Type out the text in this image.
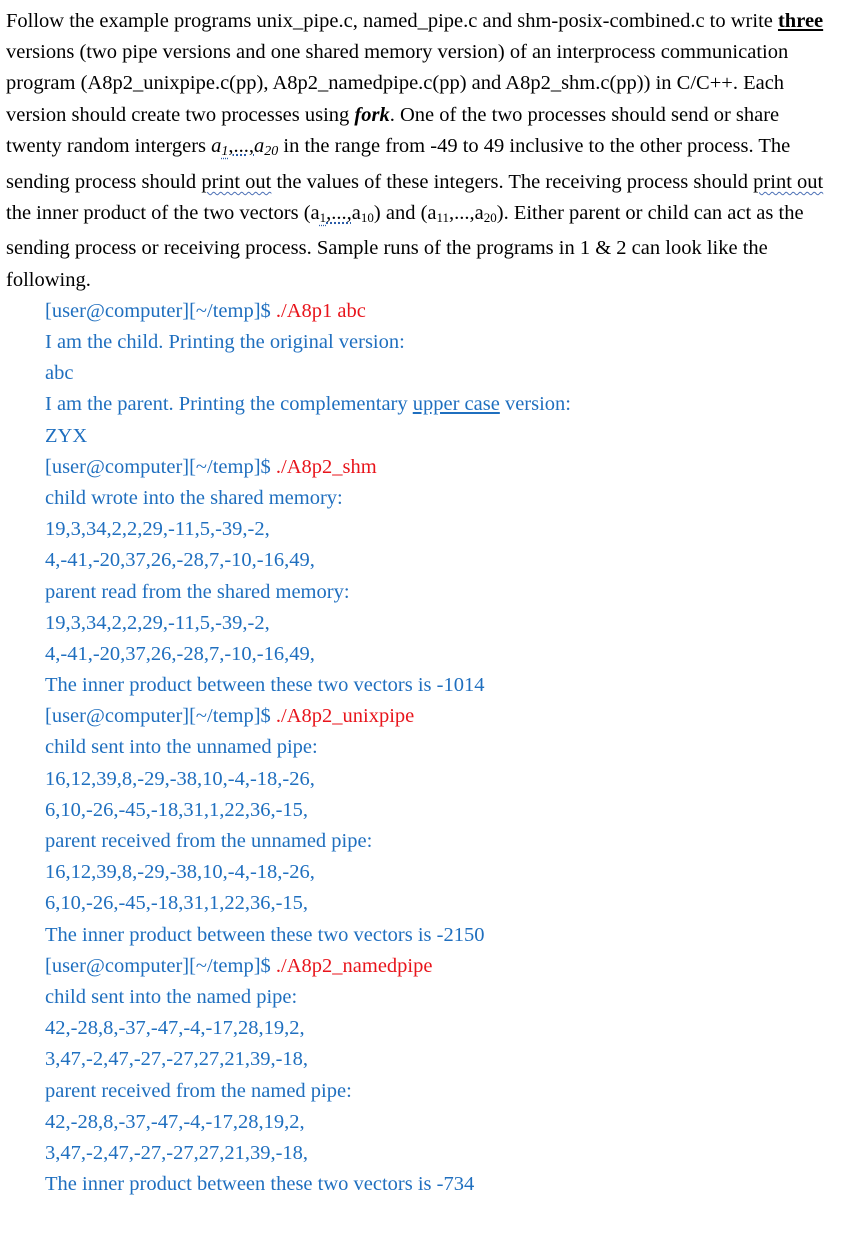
Follow the example programs unix_pipe.c, named_pipe.c and shm-posix-combined.c to write three versions (two pipe versions and one shared memory version) of an interprocess communication program (A8p2_unixpipe.c(pp), A8p2_namedpipe.c(pp) and A8p2_shm.c(pp)) in C/C++. Each version should create two processes using fork. One of the two processes should send or share twenty random intergers a1,...,a20 in the range from -49 to 49 inclusive to the other process. The sending process should print out the values of these integers. The receiving process should print out the inner product of the two vectors $(a_1,...,a_{10})$ and $(a_{11},...,a_{20})$. Either parent or child can act as the sending process or receiving process. Sample runs of the programs in 1 & 2 can look like the following.

[user@computer][~/temp]$ ./A8p1 abc
I am the child. Printing the original version:
abc
I am the parent. Printing the complementary upper case version:
ZYX
[user@computer][~/temp]$ ./A8p2_shm
child wrote into the shared memory:
19,3,34,2,2,29,-11,5,-39,-2,
4,-41,-20,37,26,-28,7,-10,-16,49,
parent read from the shared memory:
19,3,34,2,2,29,-11,5,-39,-2,
4,-41,-20,37,26,-28,7,-10,-16,49,
The inner product between these two vectors is -1014
[user@computer][~/temp]$ ./A8p2_unixpipe
child sent into the unnamed pipe:
16,12,39,8,-29,-38,10,-4,-18,-26,
6,10,-26,-45,-18,31,1,22,36,-15,
parent received from the unnamed pipe:
16,12,39,8,-29,-38,10,-4,-18,-26,
6,10,-26,-45,-18,31,1,22,36,-15,
The inner product between these two vectors is -2150
[user@computer][~/temp]$ ./A8p2_namedpipe
child sent into the named pipe:
42,-28,8,-37,-47,-4,-17,28,19,2,
3,47,-2,47,-27,-27,27,21,39,-18,
parent received from the named pipe:
42,-28,8,-37,-47,-4,-17,28,19,2,
3,47,-2,47,-27,-27,27,21,39,-18,
The inner product between these two vectors is -734
